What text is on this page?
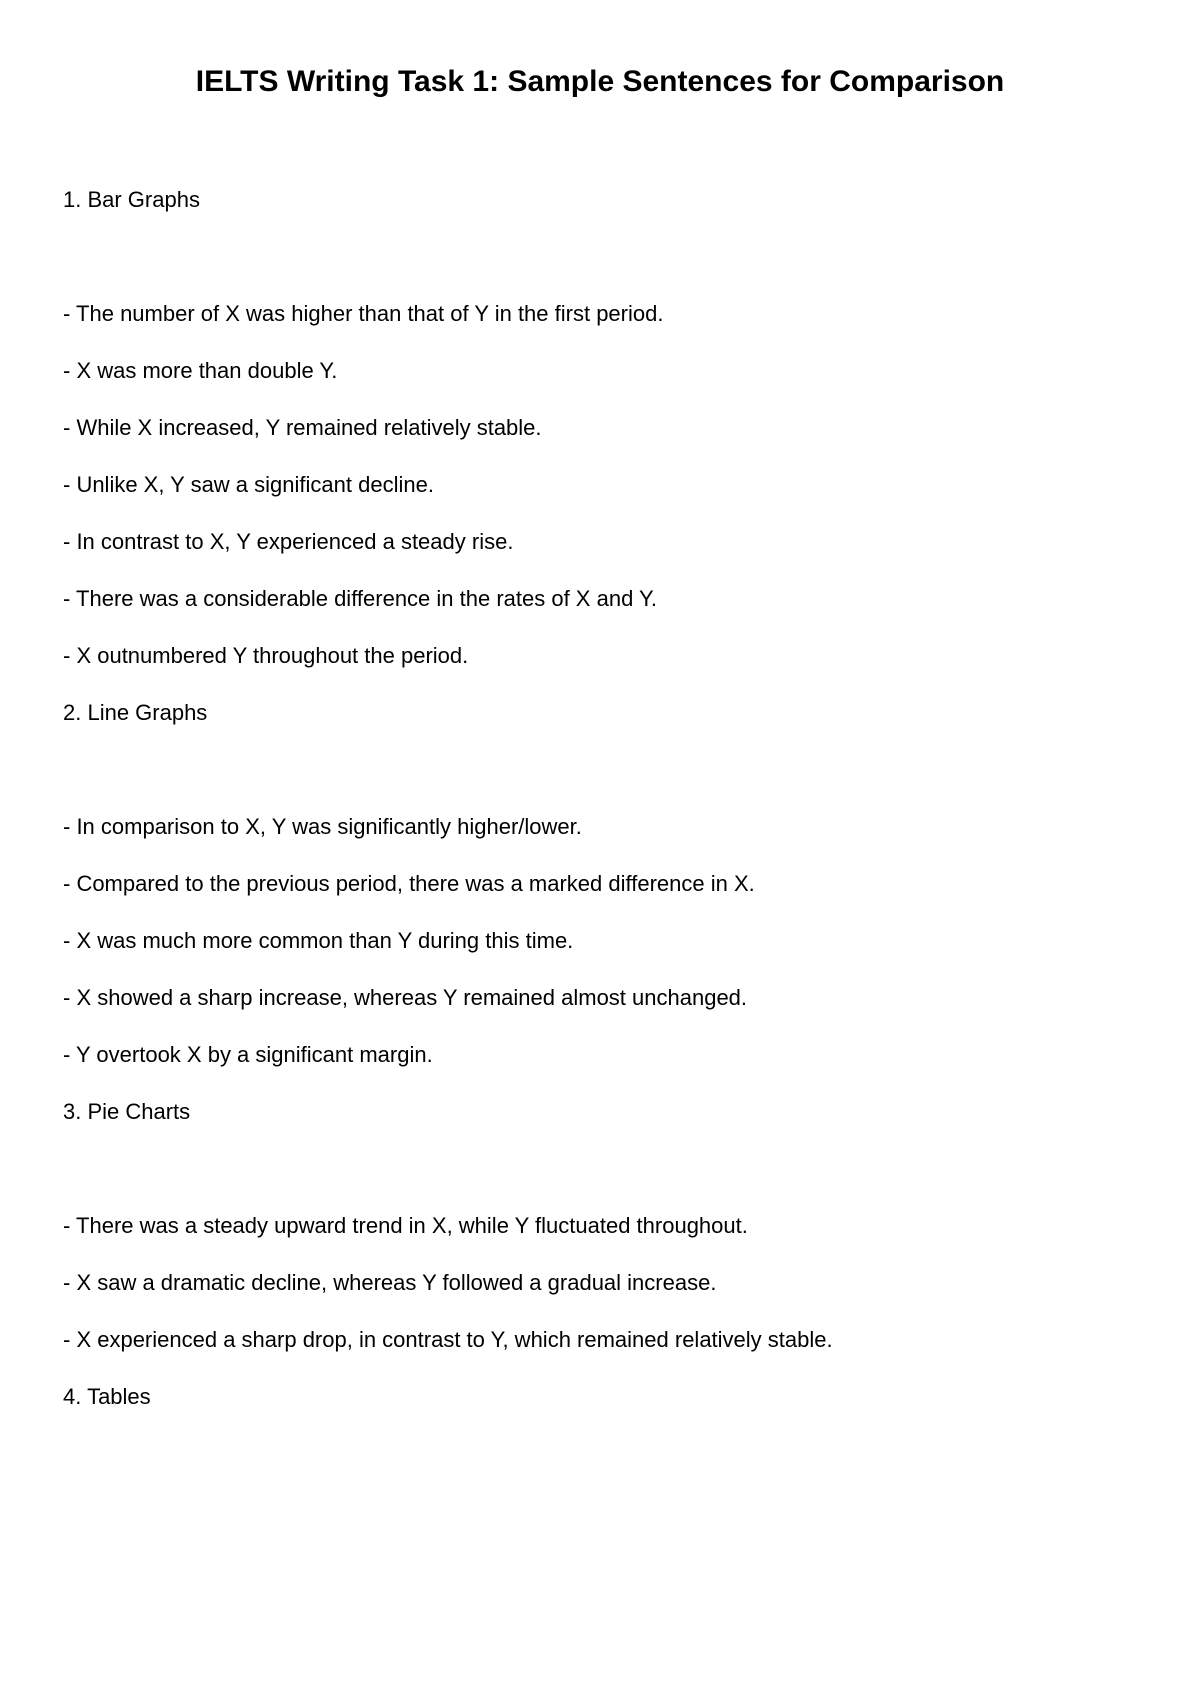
IELTS Writing Task 1: Sample Sentences for Comparison

1. Bar Graphs

- The number of X was higher than that of Y in the first period.
- X was more than double Y.
- While X increased, Y remained relatively stable.
- Unlike X, Y saw a significant decline.
- In contrast to X, Y experienced a steady rise.
- There was a considerable difference in the rates of X and Y.
- X outnumbered Y throughout the period.

2. Line Graphs

- In comparison to X, Y was significantly higher/lower.
- Compared to the previous period, there was a marked difference in X.
- X was much more common than Y during this time.
- X showed a sharp increase, whereas Y remained almost unchanged.
- Y overtook X by a significant margin.

3. Pie Charts

- There was a steady upward trend in X, while Y fluctuated throughout.
- X saw a dramatic decline, whereas Y followed a gradual increase.
- X experienced a sharp drop, in contrast to Y, which remained relatively stable.

4. Tables
